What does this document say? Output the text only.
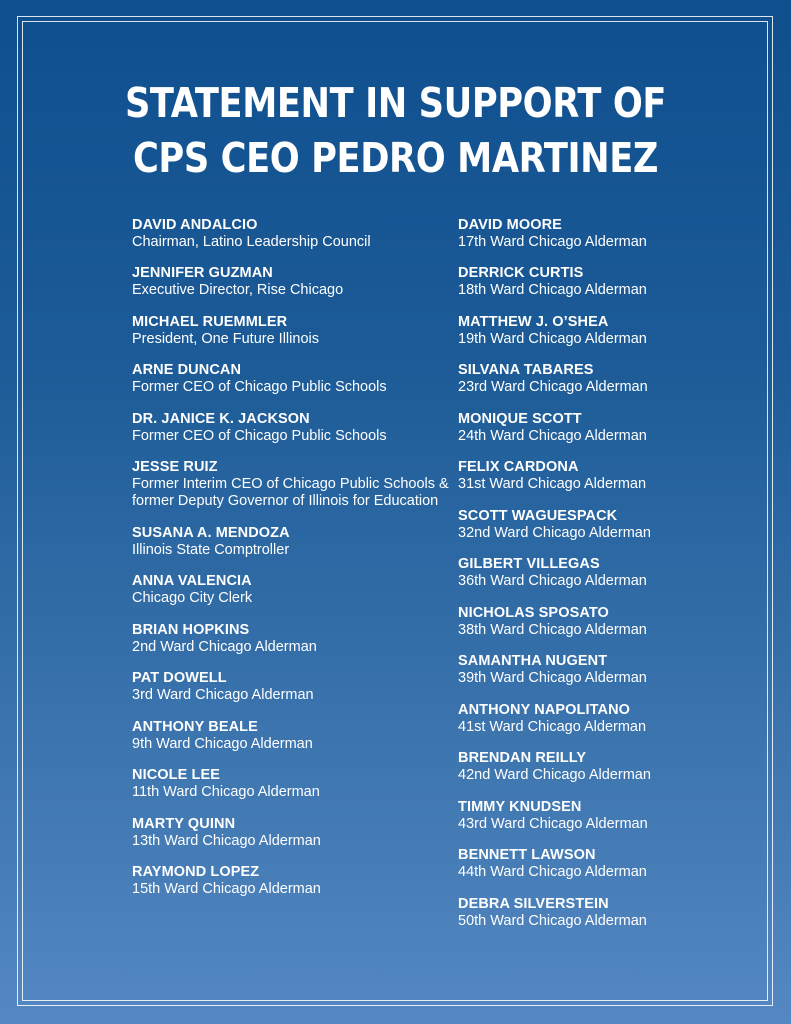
STATEMENT IN SUPPORT OF
CPS CEO PEDRO MARTINEZ
DAVID ANDALCIO
Chairman, Latino Leadership Council
JENNIFER GUZMAN
Executive Director, Rise Chicago
MICHAEL RUEMMLER
President, One Future Illinois
ARNE DUNCAN
Former CEO of Chicago Public Schools
DR. JANICE K. JACKSON
Former CEO of Chicago Public Schools
JESSE RUIZ
Former Interim CEO of Chicago Public Schools & former Deputy Governor of Illinois for Education
SUSANA A. MENDOZA
Illinois State Comptroller
ANNA VALENCIA
Chicago City Clerk
BRIAN HOPKINS
2nd Ward Chicago Alderman
PAT DOWELL
3rd Ward Chicago Alderman
ANTHONY BEALE
9th Ward Chicago Alderman
NICOLE LEE
11th Ward Chicago Alderman
MARTY QUINN
13th Ward Chicago Alderman
RAYMOND LOPEZ
15th Ward Chicago Alderman
DAVID MOORE
17th Ward Chicago Alderman
DERRICK CURTIS
18th Ward Chicago Alderman
MATTHEW J. O’SHEA
19th Ward Chicago Alderman
SILVANA TABARES
23rd Ward Chicago Alderman
MONIQUE SCOTT
24th Ward Chicago Alderman
FELIX CARDONA
31st Ward Chicago Alderman
SCOTT WAGUESPACK
32nd Ward Chicago Alderman
GILBERT VILLEGAS
36th Ward Chicago Alderman
NICHOLAS SPOSATO
38th Ward Chicago Alderman
SAMANTHA NUGENT
39th Ward Chicago Alderman
ANTHONY NAPOLITANO
41st Ward Chicago Alderman
BRENDAN REILLY
42nd Ward Chicago Alderman
TIMMY KNUDSEN
43rd Ward Chicago Alderman
BENNETT LAWSON
44th Ward Chicago Alderman
DEBRA SILVERSTEIN
50th Ward Chicago Alderman
